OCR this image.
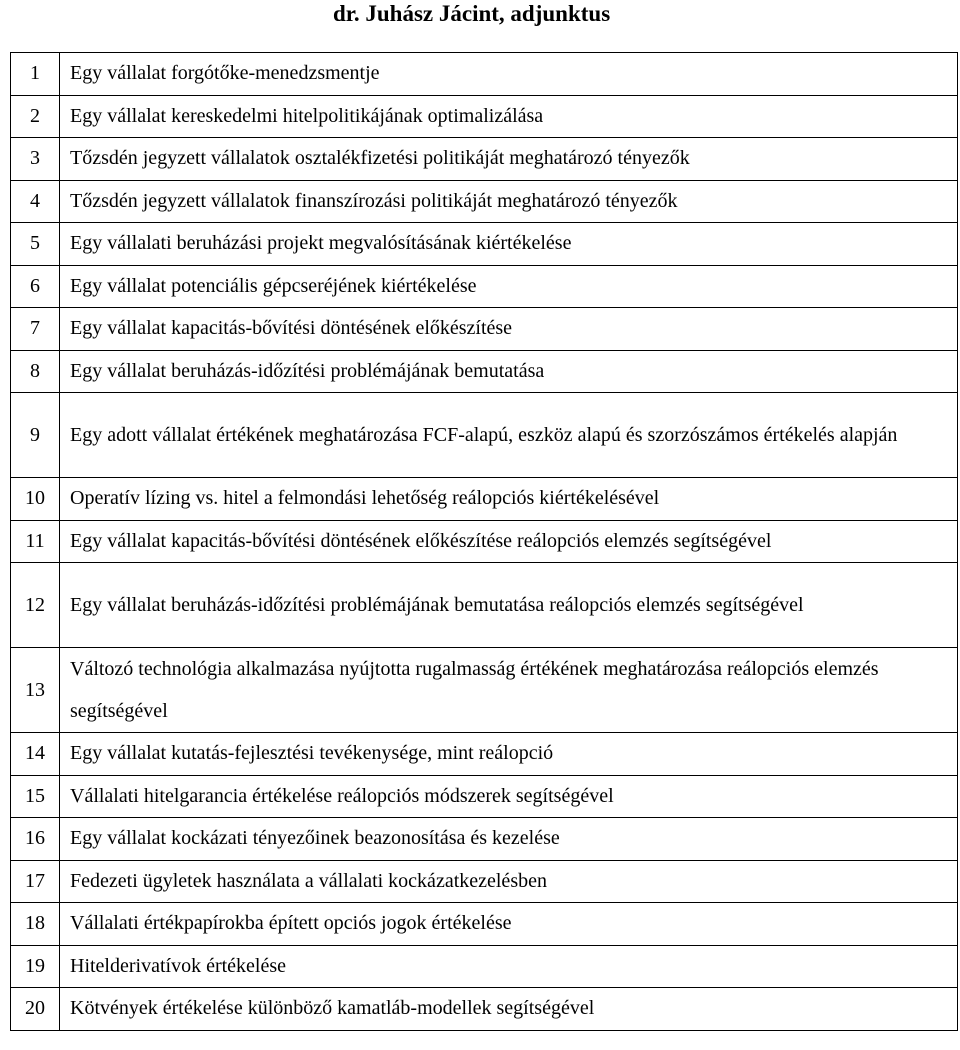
dr. Juhász Jácint, adjunktus
1	Egy vállalat forgótőke-menedzsmentje
2	Egy vállalat kereskedelmi hitelpolitikájának optimalizálása
3	Tőzsdén jegyzett vállalatok osztalékfizetési politikáját meghatározó tényezők
4	Tőzsdén jegyzett vállalatok finanszírozási politikáját meghatározó tényezők
5	Egy vállalati beruházási projekt megvalósításának kiértékelése
6	Egy vállalat potenciális gépcseréjének kiértékelése
7	Egy vállalat kapacitás-bővítési döntésének előkészítése
8	Egy vállalat beruházás-időzítési problémájának bemutatása
9	Egy adott vállalat értékének meghatározása FCF-alapú, eszköz alapú és szorzószámos értékelés alapján
10	Operatív lízing vs. hitel a felmondási lehetőség reálopciós kiértékelésével
11	Egy vállalat kapacitás-bővítési döntésének előkészítése reálopciós elemzés segítségével
12	Egy vállalat beruházás-időzítési problémájának bemutatása reálopciós elemzés segítségével
13	Változó technológia alkalmazása nyújtotta rugalmasság értékének meghatározása reálopciós elemzés segítségével
14	Egy vállalat kutatás-fejlesztési tevékenysége, mint reálopció
15	Vállalati hitelgarancia értékelése reálopciós módszerek segítségével
16	Egy vállalat kockázati tényezőinek beazonosítása és kezelése
17	Fedezeti ügyletek használata a vállalati kockázatkezelésben
18	Vállalati értékpapírokba épített opciós jogok értékelése
19	Hitelderivatívok értékelése
20	Kötvények értékelése különböző kamatláb-modellek segítségével
